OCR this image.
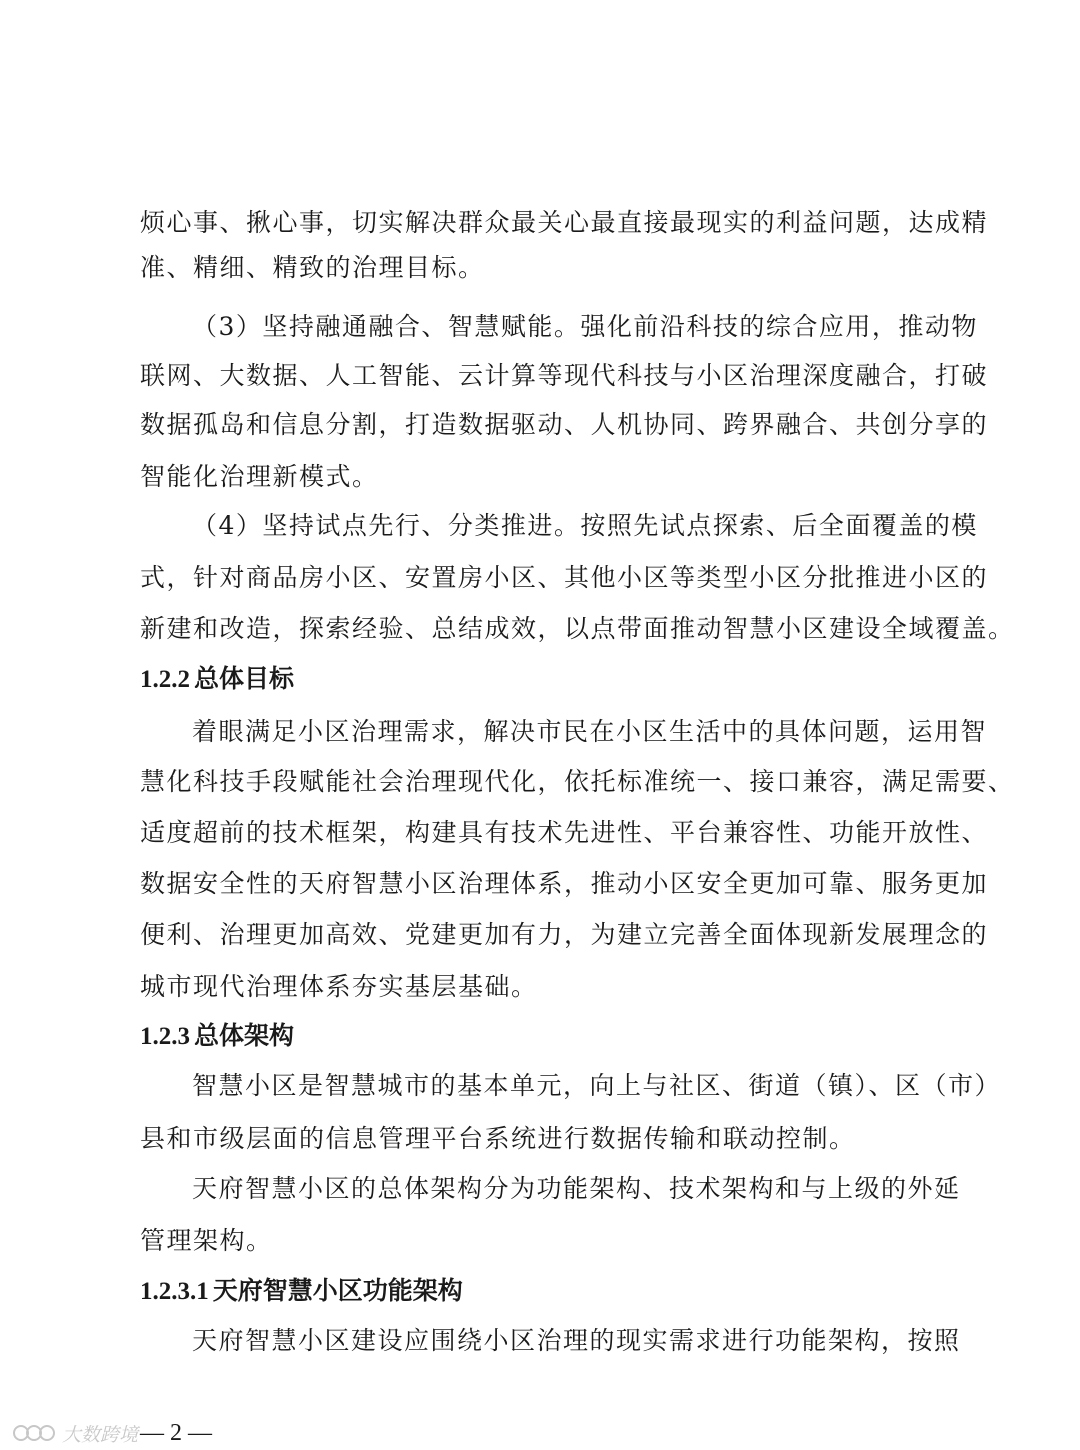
烦心事、揪心事，切实解决群众最关心最直接最现实的利益问题，达成精
准、精细、精致的治理目标。
（3）坚持融通融合、智慧赋能。强化前沿科技的综合应用，推动物
联网、大数据、人工智能、云计算等现代科技与小区治理深度融合，打破
数据孤岛和信息分割，打造数据驱动、人机协同、跨界融合、共创分享的
智能化治理新模式。
（4）坚持试点先行、分类推进。按照先试点探索、后全面覆盖的模
式，针对商品房小区、安置房小区、其他小区等类型小区分批推进小区的
新建和改造，探索经验、总结成效，以点带面推动智慧小区建设全域覆盖。
1.2.2 总体目标
着眼满足小区治理需求，解决市民在小区生活中的具体问题，运用智
慧化科技手段赋能社会治理现代化，依托标准统一、接口兼容，满足需要、
适度超前的技术框架，构建具有技术先进性、平台兼容性、功能开放性、
数据安全性的天府智慧小区治理体系，推动小区安全更加可靠、服务更加
便利、治理更加高效、党建更加有力，为建立完善全面体现新发展理念的
城市现代治理体系夯实基层基础。
1.2.3 总体架构
智慧小区是智慧城市的基本单元，向上与社区、街道（镇）、区（市）
县和市级层面的信息管理平台系统进行数据传输和联动控制。
天府智慧小区的总体架构分为功能架构、技术架构和与上级的外延
管理架构。
1.2.3.1 天府智慧小区功能架构
天府智慧小区建设应围绕小区治理的现实需求进行功能架构，按照
大数跨境 — 2 —
